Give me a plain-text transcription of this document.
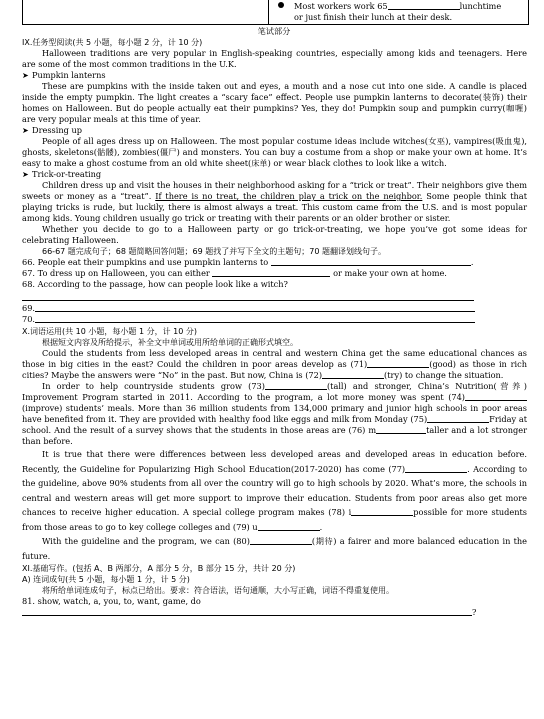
Most workers work 65	lunchtime
or just finish their lunch at their desk.
笔试部分

IX.任务型阅读(共 5 小题，每小题 2 分，计 10 分)

Halloween traditions are very popular in English-speaking countries, especially among kids and teenagers. Here are some of the most common traditions in the U.K.

➤ Pumpkin lanterns

These are pumpkins with the inside taken out and eyes, a mouth and a nose cut into one side. A candle is placed inside the empty pumpkin. The light creates a “scary face” effect. People use pumpkin lanterns to decorate(装饰) their homes on Halloween. But do people actually eat their pumpkins? Yes, they do! Pumpkin soup and pumpkin curry(咖喱) are very popular meals at this time of year.

➤ Dressing up

People of all ages dress up on Halloween. The most popular costume ideas include witches(女巫), vampires(吸血鬼), ghosts, skeletons(骷髅), zombies(僵尸) and monsters. You can buy a costume from a shop or make your own at home. It’s easy to make a ghost costume from an old white sheet(床单) or wear black clothes to look like a witch.

➤ Trick-or-treating

Children dress up and visit the houses in their neighborhood asking for a “trick or treat”. Their neighbors give them sweets or money as a “treat”. If there is no treat, the children play a trick on the neighbor. Some people think that playing tricks is rude, but luckily, there is almost always a treat. This custom came from the U.S. and is most popular among kids. Young children usually go trick or treating with their parents or an older brother or sister.

Whether you decide to go to a Halloween party or go trick-or-treating, we hope you’ve got some ideas for celebrating Halloween.

66-67 题完成句子；68 题简略回答问题；69 题找了并写下全文的主题句；70 题翻译划线句子。

66. People eat their pumpkins and use pumpkin lanterns to	.

67. To dress up on Halloween, you can either	or make your own at home.

68. According to the passage, how can people look like a witch?

69.

70.

X.词语运用(共 10 小题，每小题 1 分，计 10 分)

根据短文内容及所给提示，补全文中单词或用所给单词的正确形式填空。

Could the students from less developed areas in central and western China get the same educational chances as those in big cities in the east? Could the children in poor areas develop as (71)	(good) as those in rich cities? Maybe the answers were “No” in the past. But now, China is (72)	(try) to change the situation.

In order to help countryside students grow (73)	(tall) and stronger, China’s Nutrition(营养) Improvement Program started in 2011. According to the program, a lot more money was spent (74)(improve) students’ meals. More than 36 million students from 134,000 primary and junior high schools in poor areas have benefited from it. They are provided with healthy food like eggs and milk from Monday (75)	Friday at school. And the result of a survey shows that the students in those areas are (76) m	taller and a lot stronger than before.

It is true that there were differences between less developed areas and developed areas in education before. Recently, the Guideline for Popularizing High School Education(2017-2020) has come (77)	. According to the guideline, above 90% students from all over the country will go to high schools by 2020. What’s more, the schools in central and western areas will get more support to improve their education. Students from poor areas also get more chances to receive higher education. A special college program makes (78) i	possible for more students from those areas to go to key college colleges and (79) u	.

With the guideline and the program, we can (80)	(期待) a fairer and more balanced education in the future.

XI.基础写作。(包括 A、B 两部分，A 部分 5 分，B 部分 15 分，共计 20 分)

A) 连词成句(共 5 小题，每小题 1 分，计 5 分)

将所给单词连成句子，标点已给出。要求：符合语法，语句通顺，大小写正确，词语不得重复使用。

81. show, watch, a, you, to, want, game, do

?
